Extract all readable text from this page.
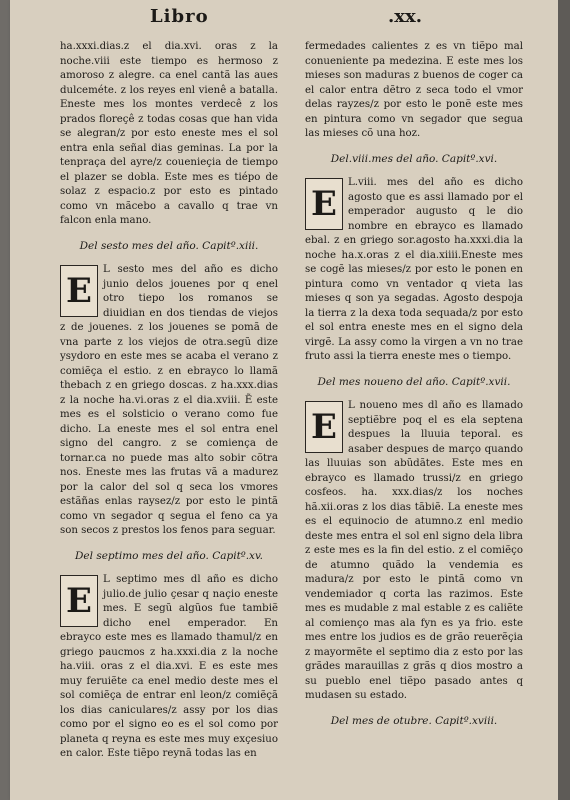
Libro	.xx.

ha.xxxi.dias.z el dia.xvi. oras z la noche.viii este tiempo es hermoso z amoroso z alegre. ca enel cantã las aues dulceméte. z los reyes enl vienê a batalla. Eneste mes los montes verdecê z los prados floreçê z todas cosas que han vida se alegran/z por esto eneste mes el sol entra enla señal dias geminas. La por la tenpraça del ayre/z couenieçia de tiempo el plazer se dobla. Este mes es tiépo de solaz z espacio.z por esto es pintado como vn mãcebo a cavallo q trae vn falcon enla mano.

Del sesto mes del año. Capitº.xiii.

E

L sesto mes del año es dicho junio delos jouenes por q enel otro tiepo los romanos se diuidian en dos tiendas de viejos z de jouenes. z los jouenes se pomã de vna parte z los viejos de otra.segũ dize ysydoro en este mes se acaba el verano z comiẽça el estio. z en ebrayco lo llamã thebach z en griego doscas. z ha.xxx.dias z la noche ha.vi.oras z el dia.xviii. Ẽ este mes es el solsticio o verano como fue dicho. La eneste mes el sol entra enel signo del cangro. z se comiença de tornar.ca no puede mas alto sobir cõtra nos. Eneste mes las frutas vã a madurez por la calor del sol q seca los vmores estãñas enlas raysez/z por esto le pintã como vn segador q segua el feno ca ya son secos z prestos los fenos para seguar.

Del septimo mes del año. Capitº.xv.

E

L septimo mes dl año es dicho julio.de julio çesar q naçio eneste mes. E segũ algũos fue tambiẽ dicho enel emperador. En ebrayco este mes es llamado thamul/z en griego paucmos z ha.xxxi.dia z la noche ha.viii. oras z el dia.xvi. E es este mes muy feruiẽte ca enel medio deste mes el sol comiẽça de entrar enl leon/z comiẽçã los dias caniculares/z assy por los dias como por el signo eo es el sol como por planeta q reyna es este mes muy exçesiuo en calor. Este tiẽpo reynã todas las en

fermedades calientes z es vn tiẽpo mal conueniente pa medezina. E este mes los mieses son maduras z buenos de coger ca el calor entra dẽtro z seca todo el vmor delas rayzes/z por esto le ponẽ este mes en pintura como vn segador que segua las mieses cõ una hoz.

Del.viii.mes del año. Capitº.xvi.

E

L.viii. mes del año es dicho agosto que es assi llamado por el emperador augusto q le dio nombre en ebrayco es llamado ebal. z en griego sor.agosto ha.xxxi.dia la noche ha.x.oras z el dia.xiiii.Eneste mes se cogẽ las mieses/z por esto le ponen en pintura como vn ventador q vieta las mieses q son ya segadas. Agosto despoja la tierra z la dexa toda sequada/z por esto el sol entra eneste mes en el signo dela virgẽ. La assy como la virgen a vn no trae fruto assi la tierra eneste mes o tiempo.

Del mes noueno del año. Capitº.xvii.

E

L noueno mes dl año es llamado septiẽbre poq el es ela septena despues la lluuia teporal. es asaber despues de março quando las lluuias son abũdãtes. Este mes en ebrayco es llamado trussi/z en griego cosfeos. ha. xxx.dias/z los noches hã.xii.oras z los dias tãbiẽ. La eneste mes es el equinocio de atumno.z enl medio deste mes entra el sol enl signo dela libra z este mes es la fin del estio. z el comiẽço de atumno quãdo la vendemia es madura/z por esto le pintã como vn vendemiador q corta las razimos. Este mes es mudable z mal estable z es caliẽte al comienço mas ala fyn es ya frio. este mes entre los judios es de grão reuerẽçia z mayormẽte el septimo dia z esto por las grãdes marauillas z grãs q dios mostro a su pueblo enel tiẽpo pasado antes q mudasen su estado.

Del mes de otubre. Capitº.xviii.
